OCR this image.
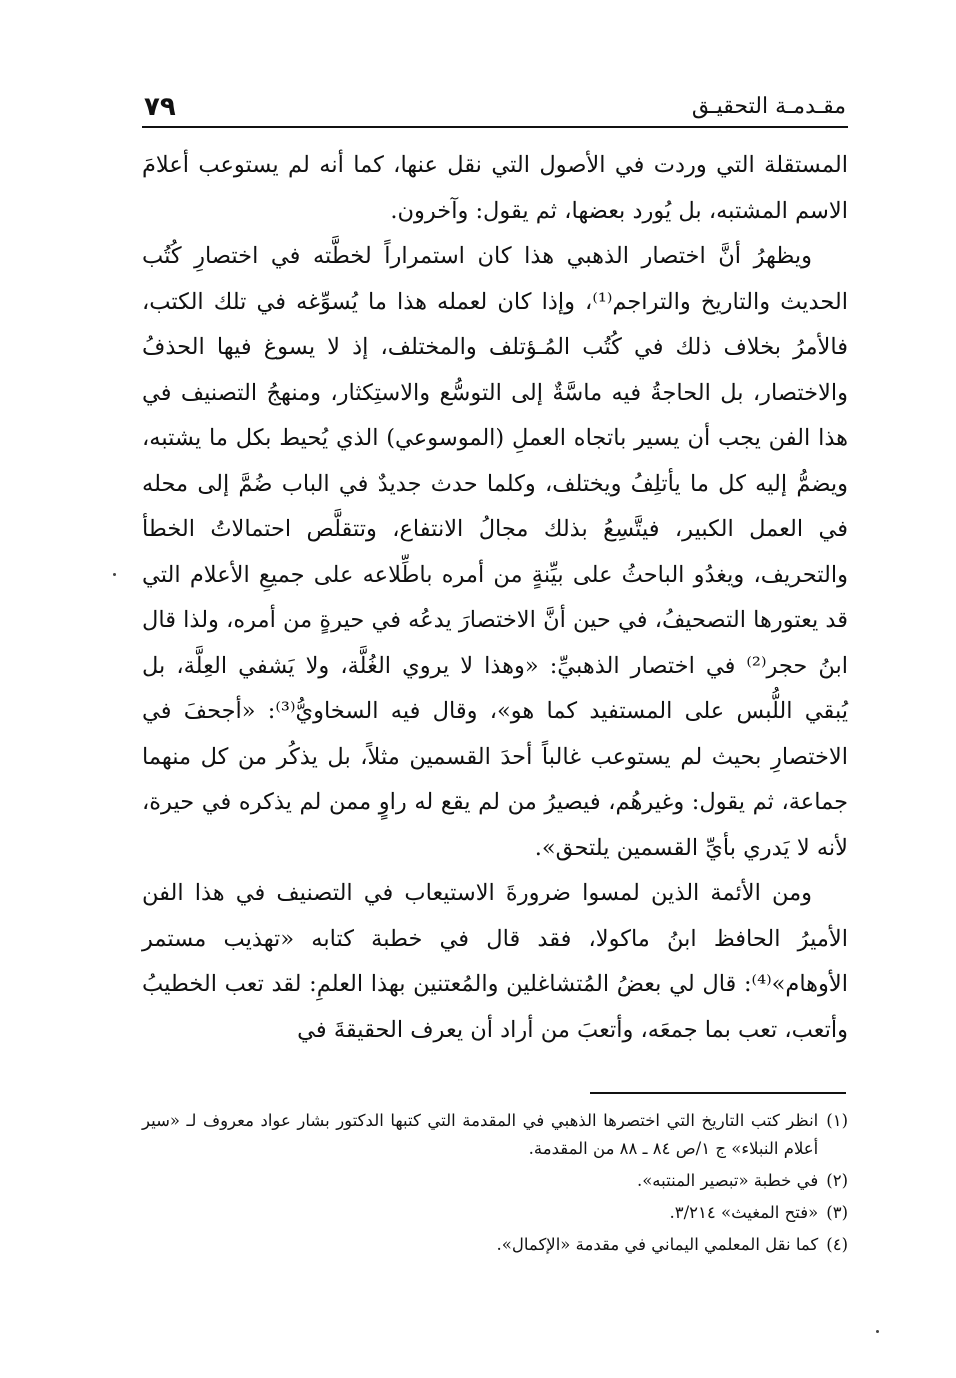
٧٩	مقـدمـة التحقيـق

المستقلة التي وردت في الأصول التي نقل عنها، كما أنه لم يستوعب أعلامَ الاسم المشتبه، بل يُورد بعضها، ثم يقول: وآخرون.

ويظهرُ أنَّ اختصار الذهبي هذا كان استمراراً لخطَّته في اختصارِ كُتُب الحديث والتاريخ والتراجم⁽¹⁾، وإذا كان لعمله هذا ما يُسوِّغه في تلك الكتب، فالأمرُ بخلاف ذلك في كُتُب المُـؤتلف والمختلف، إذ لا يسوغ فيها الحذفُ والاختصار، بل الحاجةُ فيه ماسَّةٌ إلى التوسُّع والاستِكثار، ومنهجُ التصنيف في هذا الفن يجب أن يسير باتجاه العملِ (الموسوعي) الذي يُحيط بكل ما يشتبه، ويضمُّ إليه كل ما يأتلِفُ ويختلف، وكلما حدث جديدٌ في الباب ضُمَّ إلى محله في العمل الكبير، فيتَّسِعُ بذلك مجالُ الانتفاع، وتتقلَّص احتمالاتُ الخطأ والتحريف، ويغدُو الباحثُ على بيِّنةٍ من أمره باطِّلاعه على جميعِ الأعلام التي قد يعتورها التصحيفُ، في حين أنَّ الاختصارَ يدعُه في حيرةٍ من أمره، ولذا قال ابنُ حجر⁽²⁾ في اختصار الذهبيِّ: «وهذا لا يروي الغُلَّة، ولا يَشفي العِلَّة، بل يُبقي اللُّبس على المستفيد كما هو»، وقال فيه السخاويُّ⁽³⁾: «أجحفَ في الاختصارِ بحيث لم يستوعب غالباً أحدَ القسمين مثلاً، بل يذكُر من كل منهما جماعة، ثم يقول: وغيرهُم، فيصيرُ من لم يقع له راوٍ ممن لم يذكره في حيرة، لأنه لا يَدري بأيِّ القسمين يلتحق».

ومن الأئمة الذين لمسوا ضرورةَ الاستيعاب في التصنيف في هذا الفن الأميرُ الحافظ ابنُ ماكولا، فقد قال في خطبة كتابه «تهذيب مستمر الأوهام»⁽⁴⁾: قال لي بعضُ المُتشاغلين والمُعتنين بهذا العلمِ: لقد تعب الخطيبُ وأتعب، تعب بما جمعَه، وأتعبَ من أراد أن يعرف الحقيقةَ في

(١)
انظر كتب التاريخ التي اختصرها الذهبي في المقدمة التي كتبها الدكتور بشار عواد معروف لـ «سير أعلام النبلاء» ج ١/ص ٨٤ ـ ٨٨ من المقدمة.
(٢)
في خطبة «تبصير المنتبه».
(٣)
«فتح المغيث» ٣/٢١٤.
(٤)
كما نقل المعلمي اليماني في مقدمة «الإكمال».
